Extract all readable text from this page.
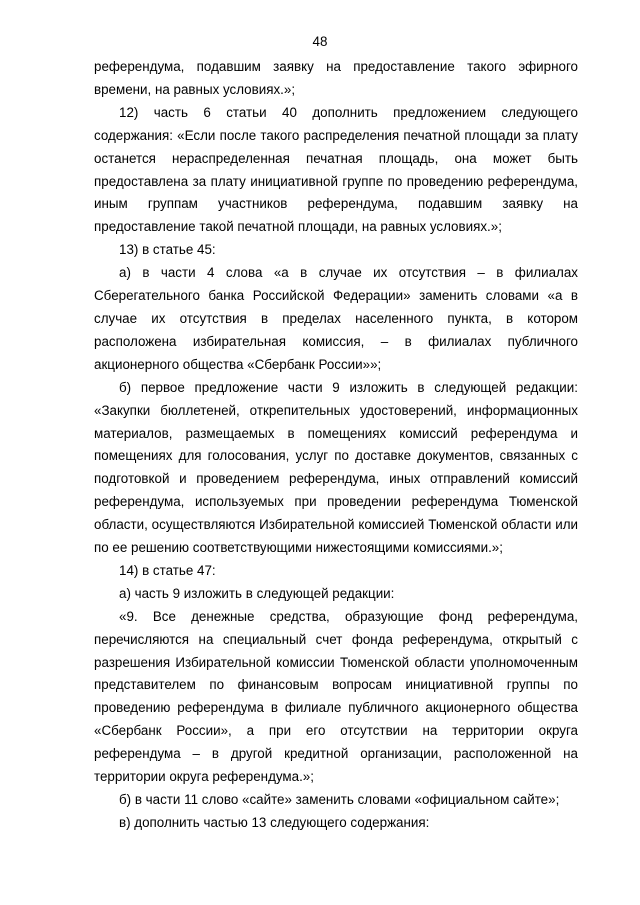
48

референдума, подавшим заявку на предоставление такого эфирного времени, на равных условиях.»;

12) часть 6 статьи 40 дополнить предложением следующего содержания: «Если после такого распределения печатной площади за плату останется нераспределенная печатная площадь, она может быть предоставлена за плату инициативной группе по проведению референдума, иным группам участников референдума, подавшим заявку на предоставление такой печатной площади, на равных условиях.»;

13) в статье 45:

а) в части 4 слова «а в случае их отсутствия – в филиалах Сберегательного банка Российской Федерации» заменить словами «а в случае их отсутствия в пределах населенного пункта, в котором расположена избирательная комиссия, – в филиалах публичного акционерного общества «Сбербанк России»»;

б) первое предложение части 9 изложить в следующей редакции: «Закупки бюллетеней, открепительных удостоверений, информационных материалов, размещаемых в помещениях комиссий референдума и помещениях для голосования, услуг по доставке документов, связанных с подготовкой и проведением референдума, иных отправлений комиссий референдума, используемых при проведении референдума Тюменской области, осуществляются Избирательной комиссией Тюменской области или по ее решению соответствующими нижестоящими комиссиями.»;

14) в статье 47:

а) часть 9 изложить в следующей редакции:

«9. Все денежные средства, образующие фонд референдума, перечисляются на специальный счет фонда референдума, открытый с разрешения Избирательной комиссии Тюменской области уполномоченным представителем по финансовым вопросам инициативной группы по проведению референдума в филиале публичного акционерного общества «Сбербанк России», а при его отсутствии на территории округа референдума – в другой кредитной организации, расположенной на территории округа референдума.»;

б) в части 11 слово «сайте» заменить словами «официальном сайте»;

в) дополнить частью 13 следующего содержания:
